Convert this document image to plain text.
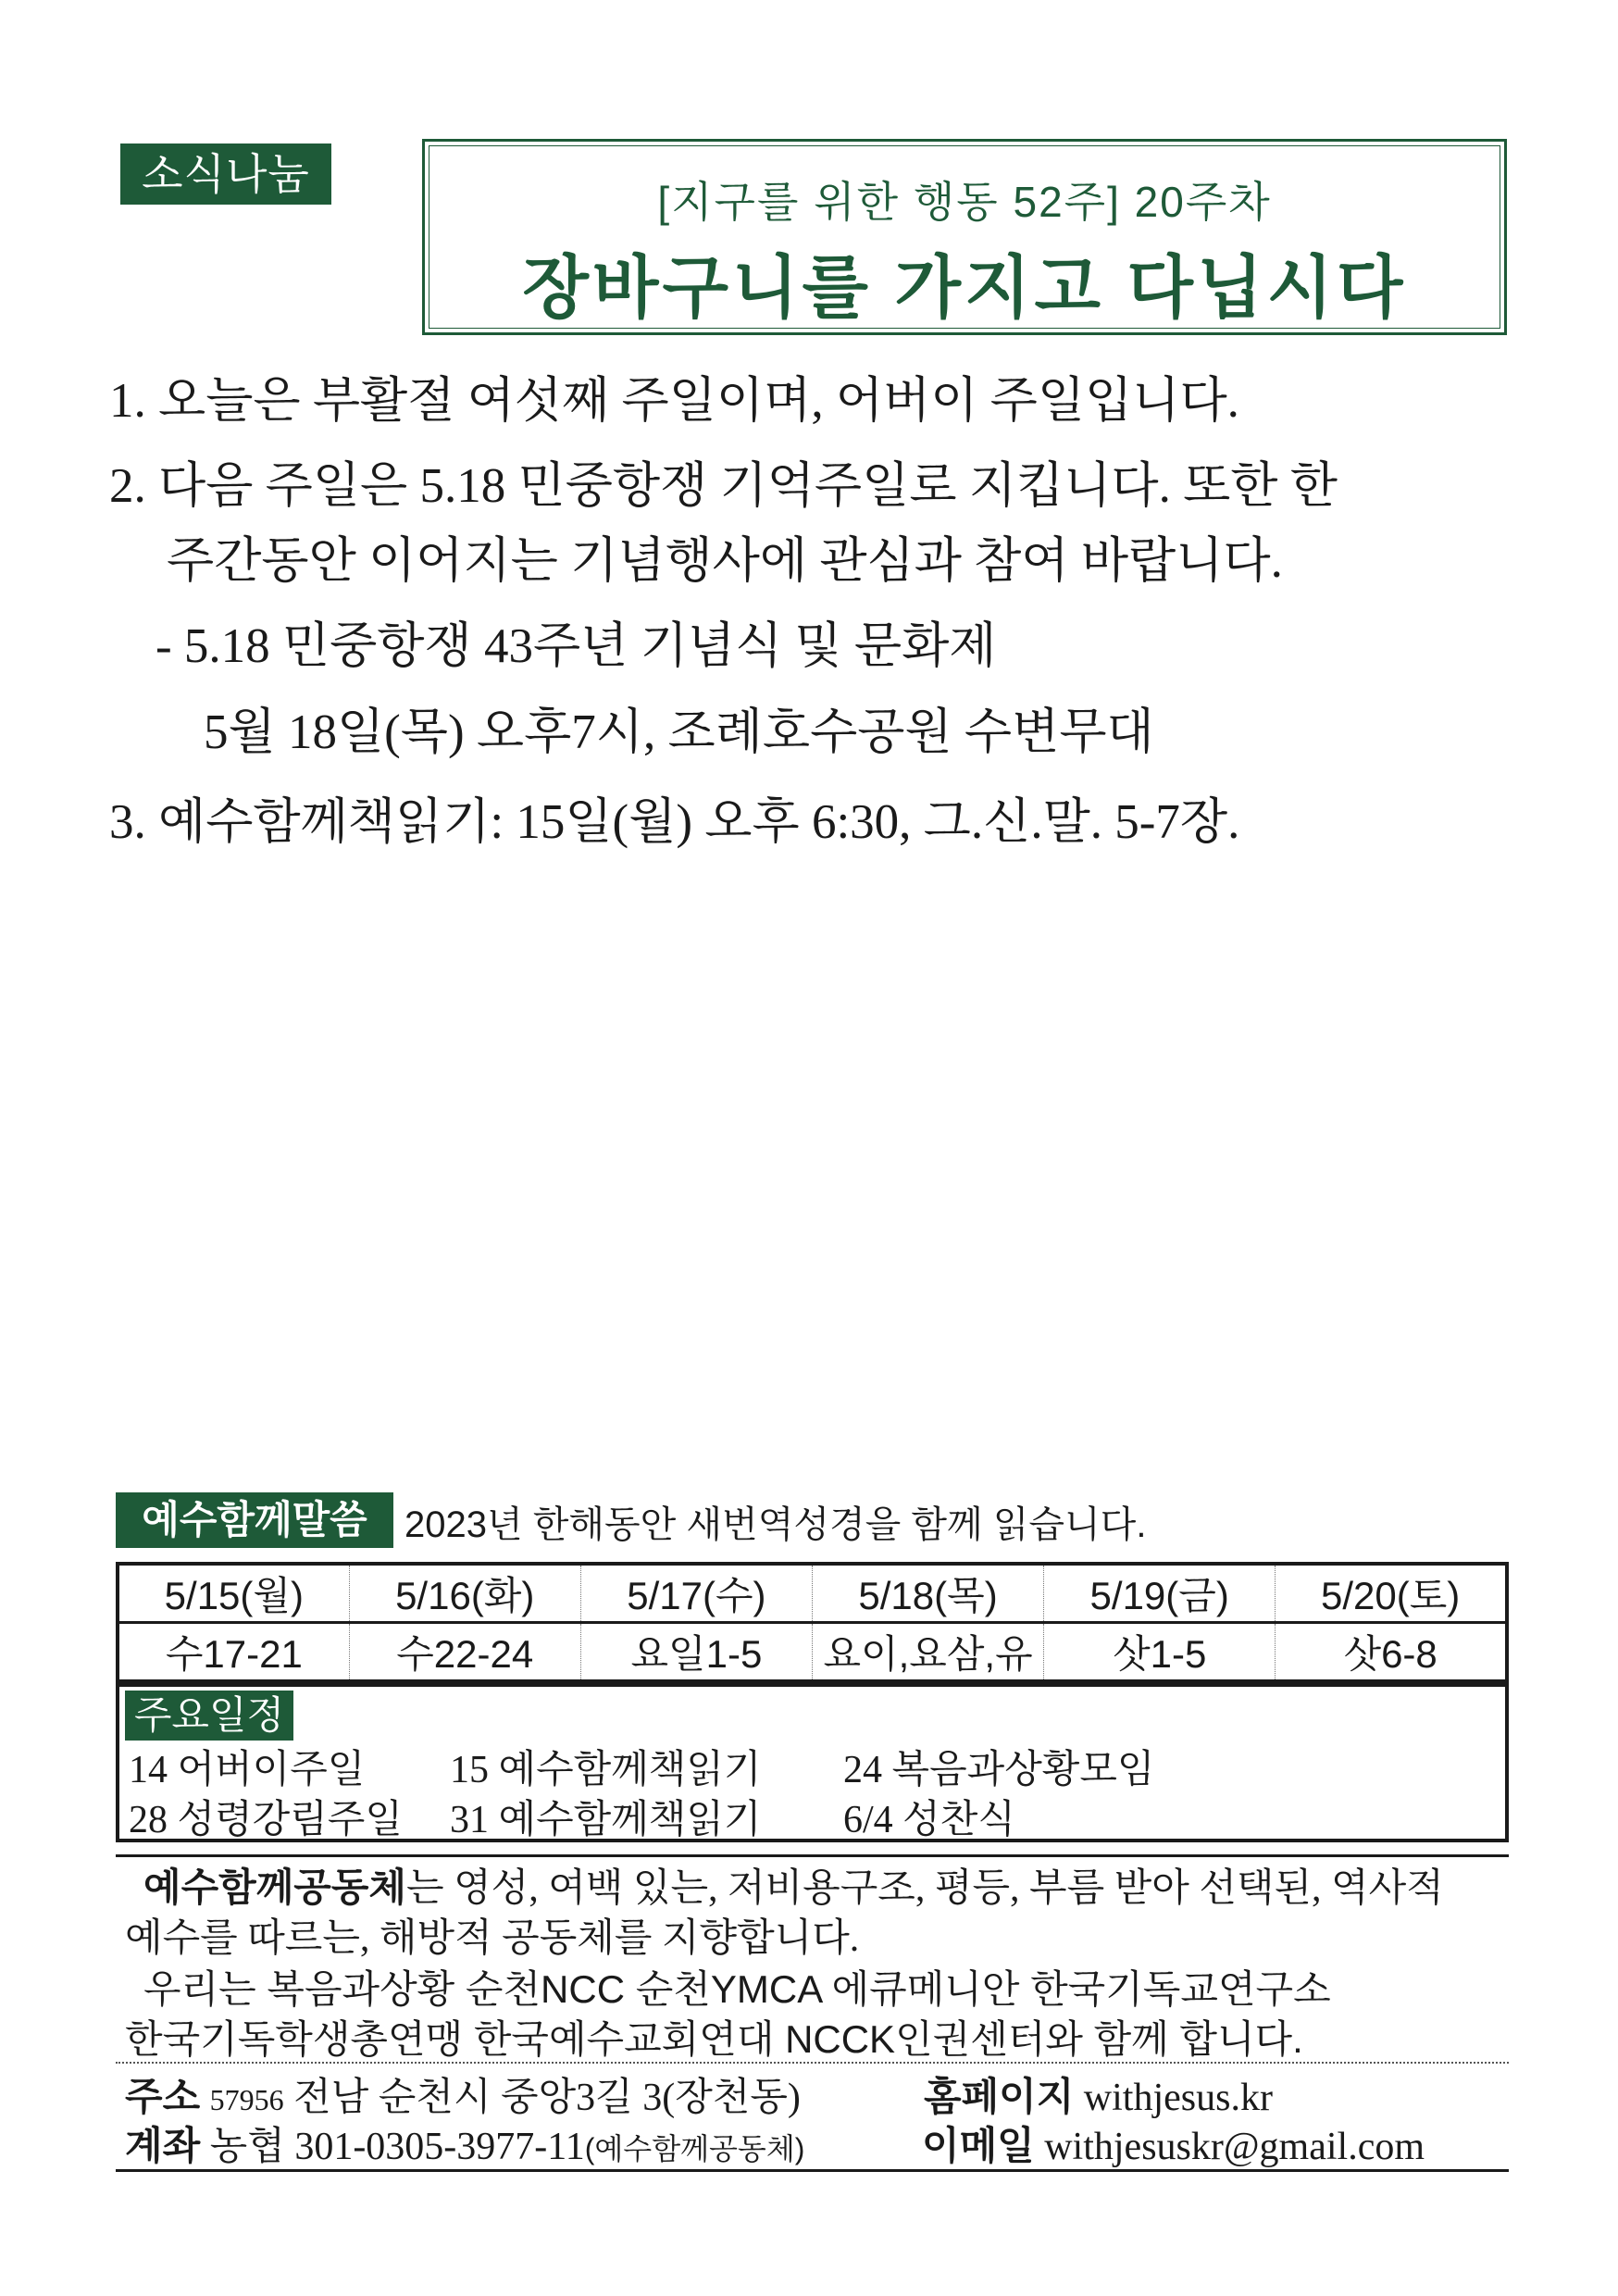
소식나눔
[지구를 위한 행동 52주] 20주차
장바구니를 가지고 다닙시다
1. 오늘은 부활절 여섯째 주일이며, 어버이 주일입니다.
2. 다음 주일은 5.18 민중항쟁 기억주일로 지킵니다. 또한 한
주간동안 이어지는 기념행사에 관심과 참여 바랍니다.
- 5.18 민중항쟁 43주년 기념식 및 문화제
5월 18일(목) 오후7시, 조례호수공원 수변무대
3. 예수함께책읽기: 15일(월) 오후 6:30, 그.신.말. 5-7장.
예수함께말씀	2023년 한해동안 새번역성경을 함께 읽습니다.
5/15(월)	5/16(화)	5/17(수)	5/18(목)	5/19(금)	5/20(토)
수17-21	수22-24	요일1-5	요이,요삼,유	삿1-5	삿6-8
주요일정
14 어버이주일 15 예수함께책읽기 24 복음과상황모임
28 성령강림주일 31 예수함께책읽기 6/4 성찬식
예수함께공동체는 영성, 여백 있는, 저비용구조, 평등, 부름 받아 선택된, 역사적
예수를 따르는, 해방적 공동체를 지향합니다.
우리는 복음과상황 순천NCC 순천YMCA 에큐메니안 한국기독교연구소
한국기독학생총연맹 한국예수교회연대 NCCK인권센터와 함께 합니다.
주소 57956 전남 순천시 중앙3길 3(장천동)	홈페이지 withjesus.kr
계좌 농협 301-0305-3977-11(예수함께공동체)	이메일 withjesuskr@gmail.com
